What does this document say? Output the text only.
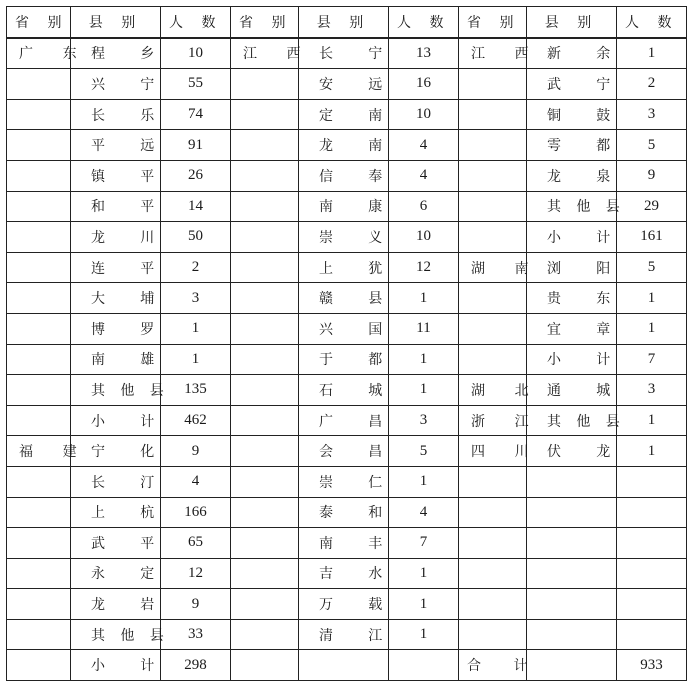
省 别	县 别	人 数	省 别	县 别	人 数	省 别	县 别	人 数
广 东	程 乡	10	江 西	长 宁	13	江 西	新 余	1
	兴 宁	55		安 远	16		武 宁	2
	长 乐	74		定 南	10		铜 鼓	3
	平 远	91		龙 南	4		雩 都	5
	镇 平	26		信 奉	4		龙 泉	9
	和 平	14		南 康	6		其他县	29
	龙 川	50		崇 义	10		小 计	161
	连 平	2		上 犹	12	湖 南	浏 阳	5
	大 埔	3		赣 县	1		贵 东	1
	博 罗	1		兴 国	11		宜 章	1
	南 雄	1		于 都	1		小 计	7
	其他县	135		石 城	1	湖 北	通 城	3
	小 计	462		广 昌	3	浙 江	其他县	1
福 建	宁 化	9		会 昌	5	四 川	伏 龙	1
	长 汀	4		崇 仁	1			
	上 杭	166		泰 和	4			
	武 平	65		南 丰	7			
	永 定	12		吉 水	1			
	龙 岩	9		万 载	1			
	其他县	33		清 江	1			
	小 计	298				合 计		933
